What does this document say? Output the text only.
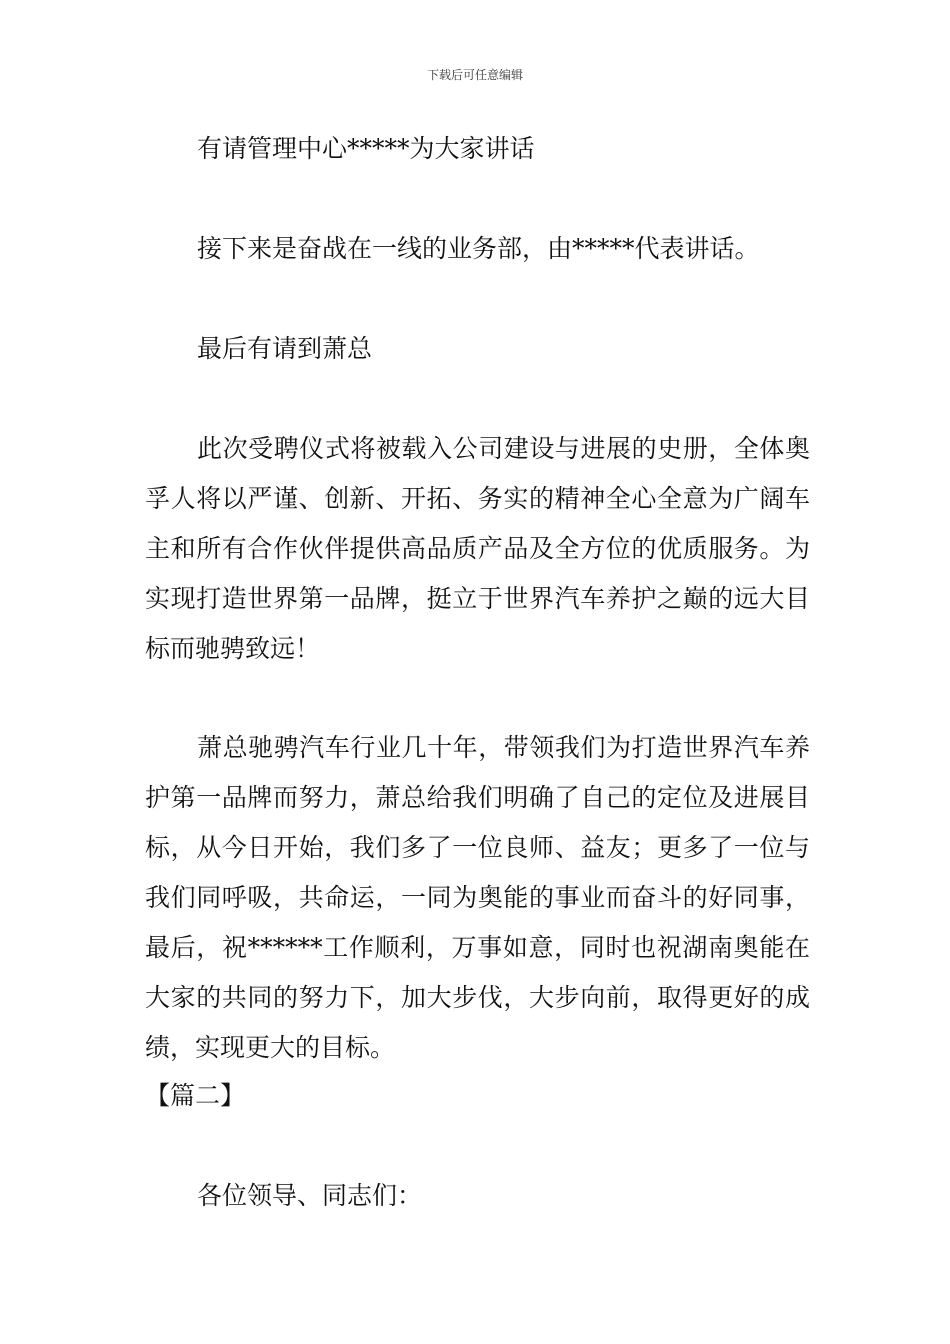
下载后可任意编辑
有请管理中心*****为大家讲话
接下来是奋战在一线的业务部，由*****代表讲话。
最后有请到萧总
此次受聘仪式将被载入公司建设与进展的史册，全体奥孚人将以严谨、创新、开拓、务实的精神全心全意为广阔车主和所有合作伙伴提供高品质产品及全方位的优质服务。为实现打造世界第一品牌，挺立于世界汽车养护之巅的远大目标而驰骋致远！
萧总驰骋汽车行业几十年，带领我们为打造世界汽车养护第一品牌而努力，萧总给我们明确了自己的定位及进展目标，从今日开始，我们多了一位良师、益友；更多了一位与我们同呼吸，共命运，一同为奥能的事业而奋斗的好同事，最后，祝******工作顺利，万事如意，同时也祝湖南奥能在大家的共同的努力下，加大步伐，大步向前，取得更好的成绩，实现更大的目标。
【篇二】
各位领导、同志们：
